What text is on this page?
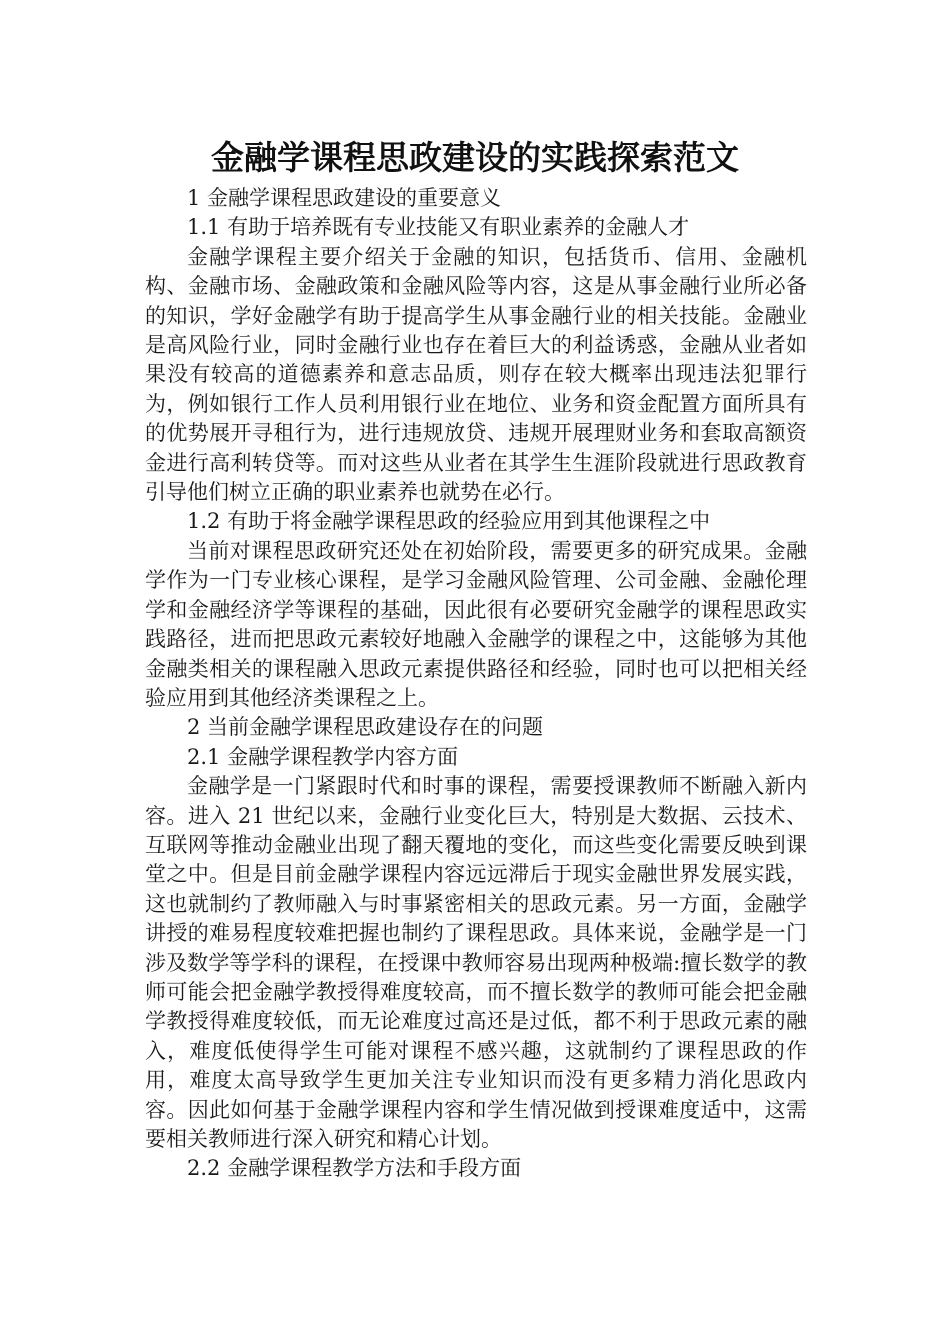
金融学课程思政建设的实践探索范文

1 金融学课程思政建设的重要意义

1.1 有助于培养既有专业技能又有职业素养的金融人才

金融学课程主要介绍关于金融的知识，包括货币、信用、金融机构、金融市场、金融政策和金融风险等内容，这是从事金融行业所必备的知识，学好金融学有助于提高学生从事金融行业的相关技能。金融业是高风险行业，同时金融行业也存在着巨大的利益诱惑，金融从业者如果没有较高的道德素养和意志品质，则存在较大概率出现违法犯罪行为，例如银行工作人员利用银行业在地位、业务和资金配置方面所具有的优势展开寻租行为，进行违规放贷、违规开展理财业务和套取高额资金进行高利转贷等。而对这些从业者在其学生生涯阶段就进行思政教育引导他们树立正确的职业素养也就势在必行。

1.2 有助于将金融学课程思政的经验应用到其他课程之中

当前对课程思政研究还处在初始阶段，需要更多的研究成果。金融学作为一门专业核心课程，是学习金融风险管理、公司金融、金融伦理学和金融经济学等课程的基础，因此很有必要研究金融学的课程思政实践路径，进而把思政元素较好地融入金融学的课程之中，这能够为其他金融类相关的课程融入思政元素提供路径和经验，同时也可以把相关经验应用到其他经济类课程之上。

2 当前金融学课程思政建设存在的问题

2.1 金融学课程教学内容方面

金融学是一门紧跟时代和时事的课程，需要授课教师不断融入新内容。进入 21 世纪以来，金融行业变化巨大，特别是大数据、云技术、互联网等推动金融业出现了翻天覆地的变化，而这些变化需要反映到课堂之中。但是目前金融学课程内容远远滞后于现实金融世界发展实践，这也就制约了教师融入与时事紧密相关的思政元素。另一方面，金融学讲授的难易程度较难把握也制约了课程思政。具体来说，金融学是一门涉及数学等学科的课程，在授课中教师容易出现两种极端:擅长数学的教师可能会把金融学教授得难度较高，而不擅长数学的教师可能会把金融学教授得难度较低，而无论难度过高还是过低，都不利于思政元素的融入，难度低使得学生可能对课程不感兴趣，这就制约了课程思政的作用，难度太高导致学生更加关注专业知识而没有更多精力消化思政内容。因此如何基于金融学课程内容和学生情况做到授课难度适中，这需要相关教师进行深入研究和精心计划。

2.2 金融学课程教学方法和手段方面
